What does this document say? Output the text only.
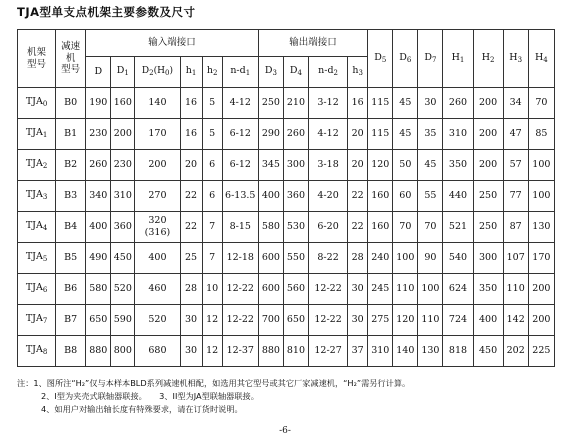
TJA型单支点机架主要参数及尺寸
机架
型号	减速
机
型号	输入端接口						输出端接口				$D_5$	$D_6$	$D_7$	$H_1$	$H_2$	$H_3$	$H_4$
		D	$D_1$	$D_2(H_0)$	$h_1$	$h_2$	$n-d_1$	$D_3$	$D_4$	$n-d_2$	$h_3$
$TJA_0$	B0	190	160	140	16	5	4-12	250	210	3-12	16	115	45	30	260	200	34	70
$TJA_1$	B1	230	200	170	16	5	6-12	290	260	4-12	20	115	45	35	310	200	47	85
$TJA_2$	B2	260	230	200	20	6	6-12	345	300	3-18	20	120	50	45	350	200	57	100
$TJA_3$	B3	340	310	270	22	6	6-13.5	400	360	4-20	22	160	60	55	440	250	77	100
$TJA_4$	B4	400	360	320
(316)	22	7	8-15	580	530	6-20	22	160	70	70	521	250	87	130
$TJA_5$	B5	490	450	400	25	7	12-18	600	550	8-22	28	240	100	90	540	300	107	170
$TJA_6$	B6	580	520	460	28	10	12-22	600	560	12-22	30	245	110	100	624	350	110	200
$TJA_7$	B7	650	590	520	30	12	12-22	700	650	12-22	30	275	120	110	724	400	142	200
$TJA_8$	B8	880	800	680	30	12	12-37	880	810	12-27	37	310	140	130	818	450	202	225
注：1、图所注“H₂”仅与本样本BLD系列减速机相配，如选用其它型号或其它厂家减速机，“H₂”需另行计算。
2、I型为夹壳式联轴器联接。　　3、II型为JA型联轴器联接。
4、如用户对输出轴长度有特殊要求，请在订货时说明。
-6-
